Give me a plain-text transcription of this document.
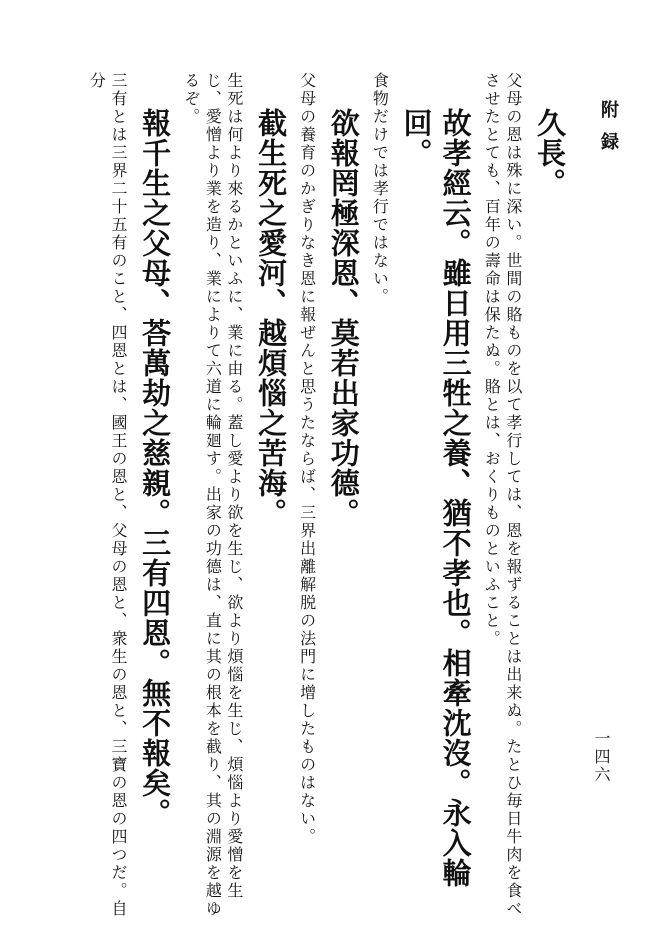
附 録
一四六

久長。

父母の恩は殊に深い。世間の賂ものを以て孝行しては、恩を報ずることは出来ぬ。たとひ毎日牛肉を食べさせたとても、百年の壽命は保たぬ。賂とは、おくりものといふこと。

故孝經云。雖日用三牲之養、猶不孝也。相牽沈沒。永入輪回。

食物だけでは孝行ではない。

欲報罔極深恩、莫若出家功德。

父母の養育のかぎりなき恩に報ぜんと思うたならば、三界出離解脱の法門に增したものはない。

截生死之愛河、越煩惱之苦海。

生死は何より來るかといふに、業に由る。蓋し愛より欲を生じ、欲より煩惱を生じ、煩惱より愛憎を生じ、愛憎より業を造り、業によりて六道に輪廻す。出家の功德は、直に其の根本を截り、其の淵源を越ゆるぞ。

報千生之父母、荅萬劫之慈親。三有四恩。無不報矣。

三有とは三界二十五有のこと、四恩とは、國王の恩と、父母の恩と、衆生の恩と、三寶の恩の四つだ。自分
